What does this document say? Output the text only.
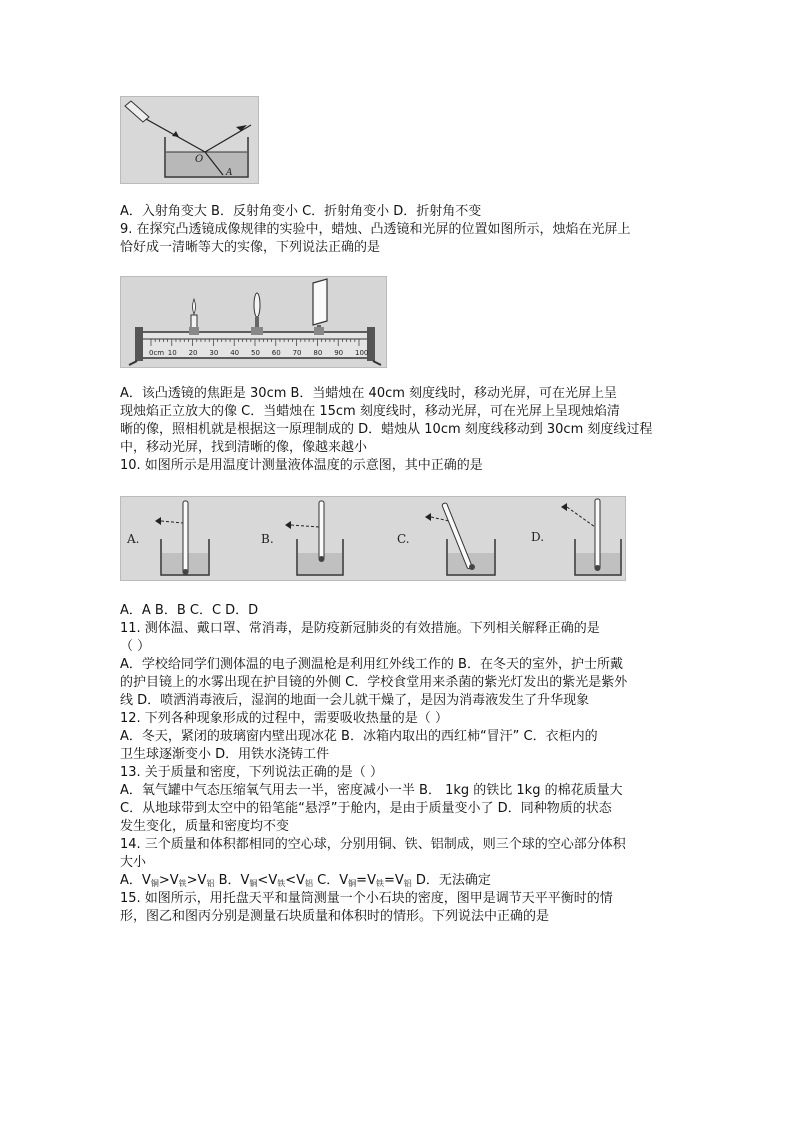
O
A
A．入射角变大 B．反射角变小 C．折射角变小 D．折射角不变
9. 在探究凸透镜成像规律的实验中，蜡烛、凸透镜和光屏的位置如图所示，烛焰在光屏上
恰好成一清晰等大的实像，下列说法正确的是
0cm 10 20 30 40 50 60 70 80 90 100
A．该凸透镜的焦距是 30cm B．当蜡烛在 40cm 刻度线时，移动光屏，可在光屏上呈
现烛焰正立放大的像 C．当蜡烛在 15cm 刻度线时，移动光屏，可在光屏上呈现烛焰清
晰的像，照相机就是根据这一原理制成的 D．蜡烛从 10cm 刻度线移动到 30cm 刻度线过程
中，移动光屏，找到清晰的像，像越来越小
10. 如图所示是用温度计测量液体温度的示意图，其中正确的是
A.	B.	C.	D.
A．A B．B C．C D．D
11. 测体温、戴口罩、常消毒，是防疫新冠肺炎的有效措施。下列相关解释正确的是
（ ）
A．学校给同学们测体温的电子测温枪是利用红外线工作的 B．在冬天的室外，护士所戴
的护目镜上的水雾出现在护目镜的外侧 C．学校食堂用来杀菌的紫光灯发出的紫光是紫外
线 D．喷洒消毒液后，湿润的地面一会儿就干燥了，是因为消毒液发生了升华现象
12. 下列各种现象形成的过程中，需要吸收热量的是（ ）
A．冬天，紧闭的玻璃窗内壁出现冰花 B．冰箱内取出的西红柿“冒汗” C．衣柜内的
卫生球逐渐变小 D．用铁水浇铸工件
13. 关于质量和密度，下列说法正确的是（ ）
A．氧气罐中气态压缩氧气用去一半，密度减小一半 B． 1kg 的铁比 1kg 的棉花质量大
C．从地球带到太空中的铅笔能“悬浮”于舱内，是由于质量变小了 D．同种物质的状态
发生变化，质量和密度均不变
14. 三个质量和体积都相同的空心球，分别用铜、铁、铝制成，则三个球的空心部分体积
大小
A．$V_铜>V_铁>V_铝$ B．$V_铜<V_铁<V_铝$ C．$V_铜=V_铁=V_铝$ D．无法确定
15. 如图所示，用托盘天平和量筒测量一个小石块的密度，图甲是调节天平平衡时的情
形，图乙和图丙分别是测量石块质量和体积时的情形。下列说法中正确的是
